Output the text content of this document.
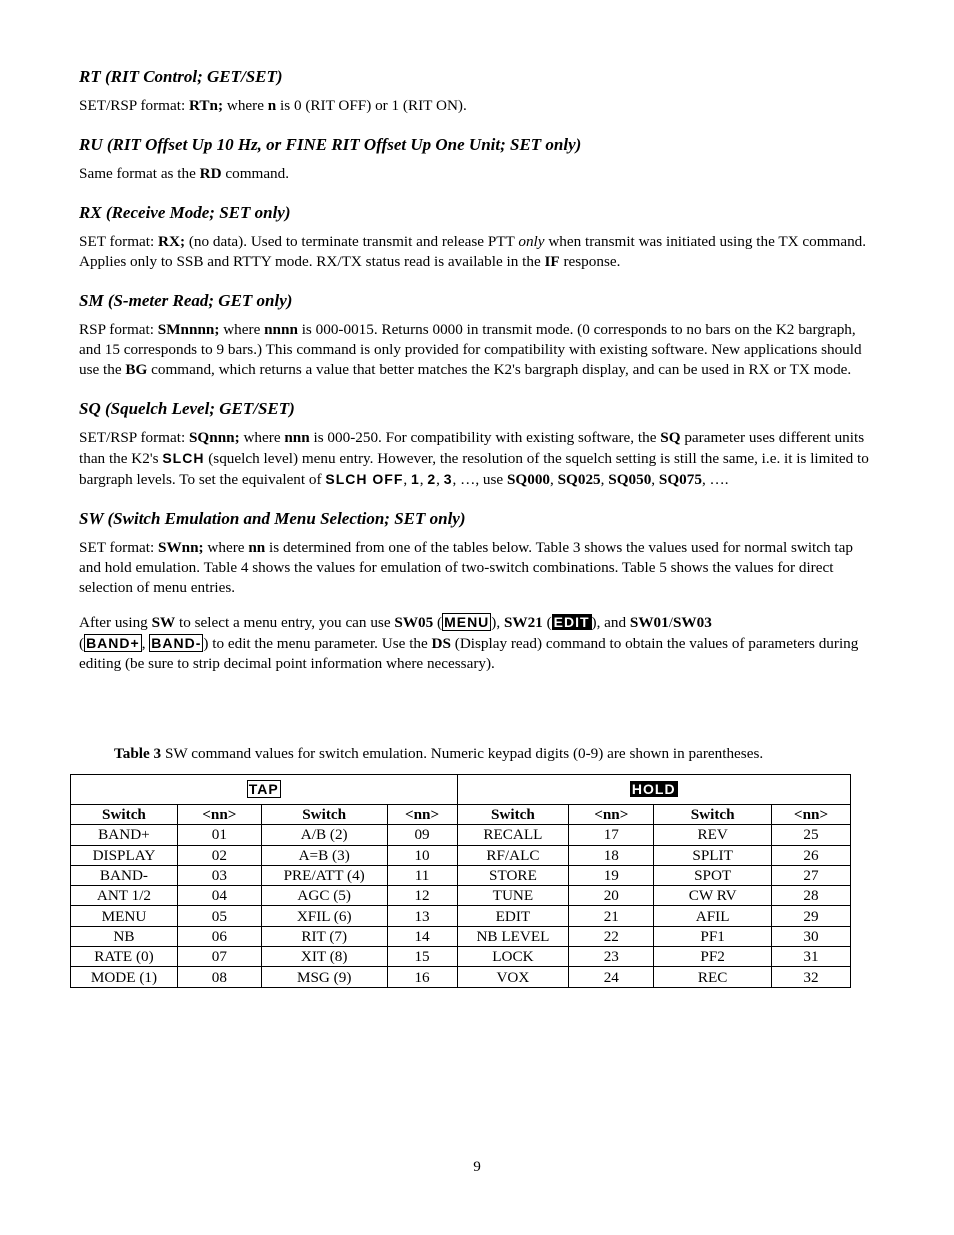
RT (RIT Control; GET/SET)

SET/RSP format: RTn; where n is 0 (RIT OFF) or 1 (RIT ON).

RU (RIT Offset Up 10 Hz, or FINE RIT Offset Up One Unit; SET only)

Same format as the RD command.

RX (Receive Mode; SET only)

SET format: RX; (no data). Used to terminate transmit and release PTT only when transmit was initiated using the TX command. Applies only to SSB and RTTY mode. RX/TX status read is available in the IF response.

SM (S-meter Read; GET only)

RSP format: SMnnnn; where nnnn is 000-0015. Returns 0000 in transmit mode. (0 corresponds to no bars on the K2 bargraph, and 15 corresponds to 9 bars.) This command is only provided for compatibility with existing software. New applications should use the BG command, which returns a value that better matches the K2's bargraph display, and can be used in RX or TX mode.

SQ (Squelch Level; GET/SET)

SET/RSP format: SQnnn; where nnn is 000-250. For compatibility with existing software, the SQ parameter uses different units than the K2's SLCH (squelch level) menu entry. However, the resolution of the squelch setting is still the same, i.e. it is limited to bargraph levels. To set the equivalent of SLCH OFF, 1, 2, 3, …, use SQ000, SQ025, SQ050, SQ075, ….

SW (Switch Emulation and Menu Selection; SET only)

SET format: SWnn; where nn is determined from one of the tables below. Table 3 shows the values used for normal switch tap and hold emulation. Table 4 shows the values for emulation of two-switch combinations. Table 5 shows the values for direct selection of menu entries.

After using SW to select a menu entry, you can use SW05 ( MENU ), SW21 ( EDIT ), and SW01/SW03
( BAND+ , BAND- ) to edit the menu parameter. Use the DS (Display read) command to obtain the values of parameters during editing (be sure to strip decimal point information where necessary).

Table 3 SW command values for switch emulation. Numeric keypad digits (0-9) are shown in parentheses.
TAP				HOLD			
Switch	<nn>	Switch	<nn>	Switch	<nn>	Switch	<nn>
BAND+	01	A/B (2)	09	RECALL	17	REV	25
DISPLAY	02	A=B (3)	10	RF/ALC	18	SPLIT	26
BAND-	03	PRE/ATT (4)	11	STORE	19	SPOT	27
ANT 1/2	04	AGC (5)	12	TUNE	20	CW RV	28
MENU	05	XFIL (6)	13	EDIT	21	AFIL	29
NB	06	RIT (7)	14	NB LEVEL	22	PF1	30
RATE (0)	07	XIT (8)	15	LOCK	23	PF2	31
MODE (1)	08	MSG (9)	16	VOX	24	REC	32
9
